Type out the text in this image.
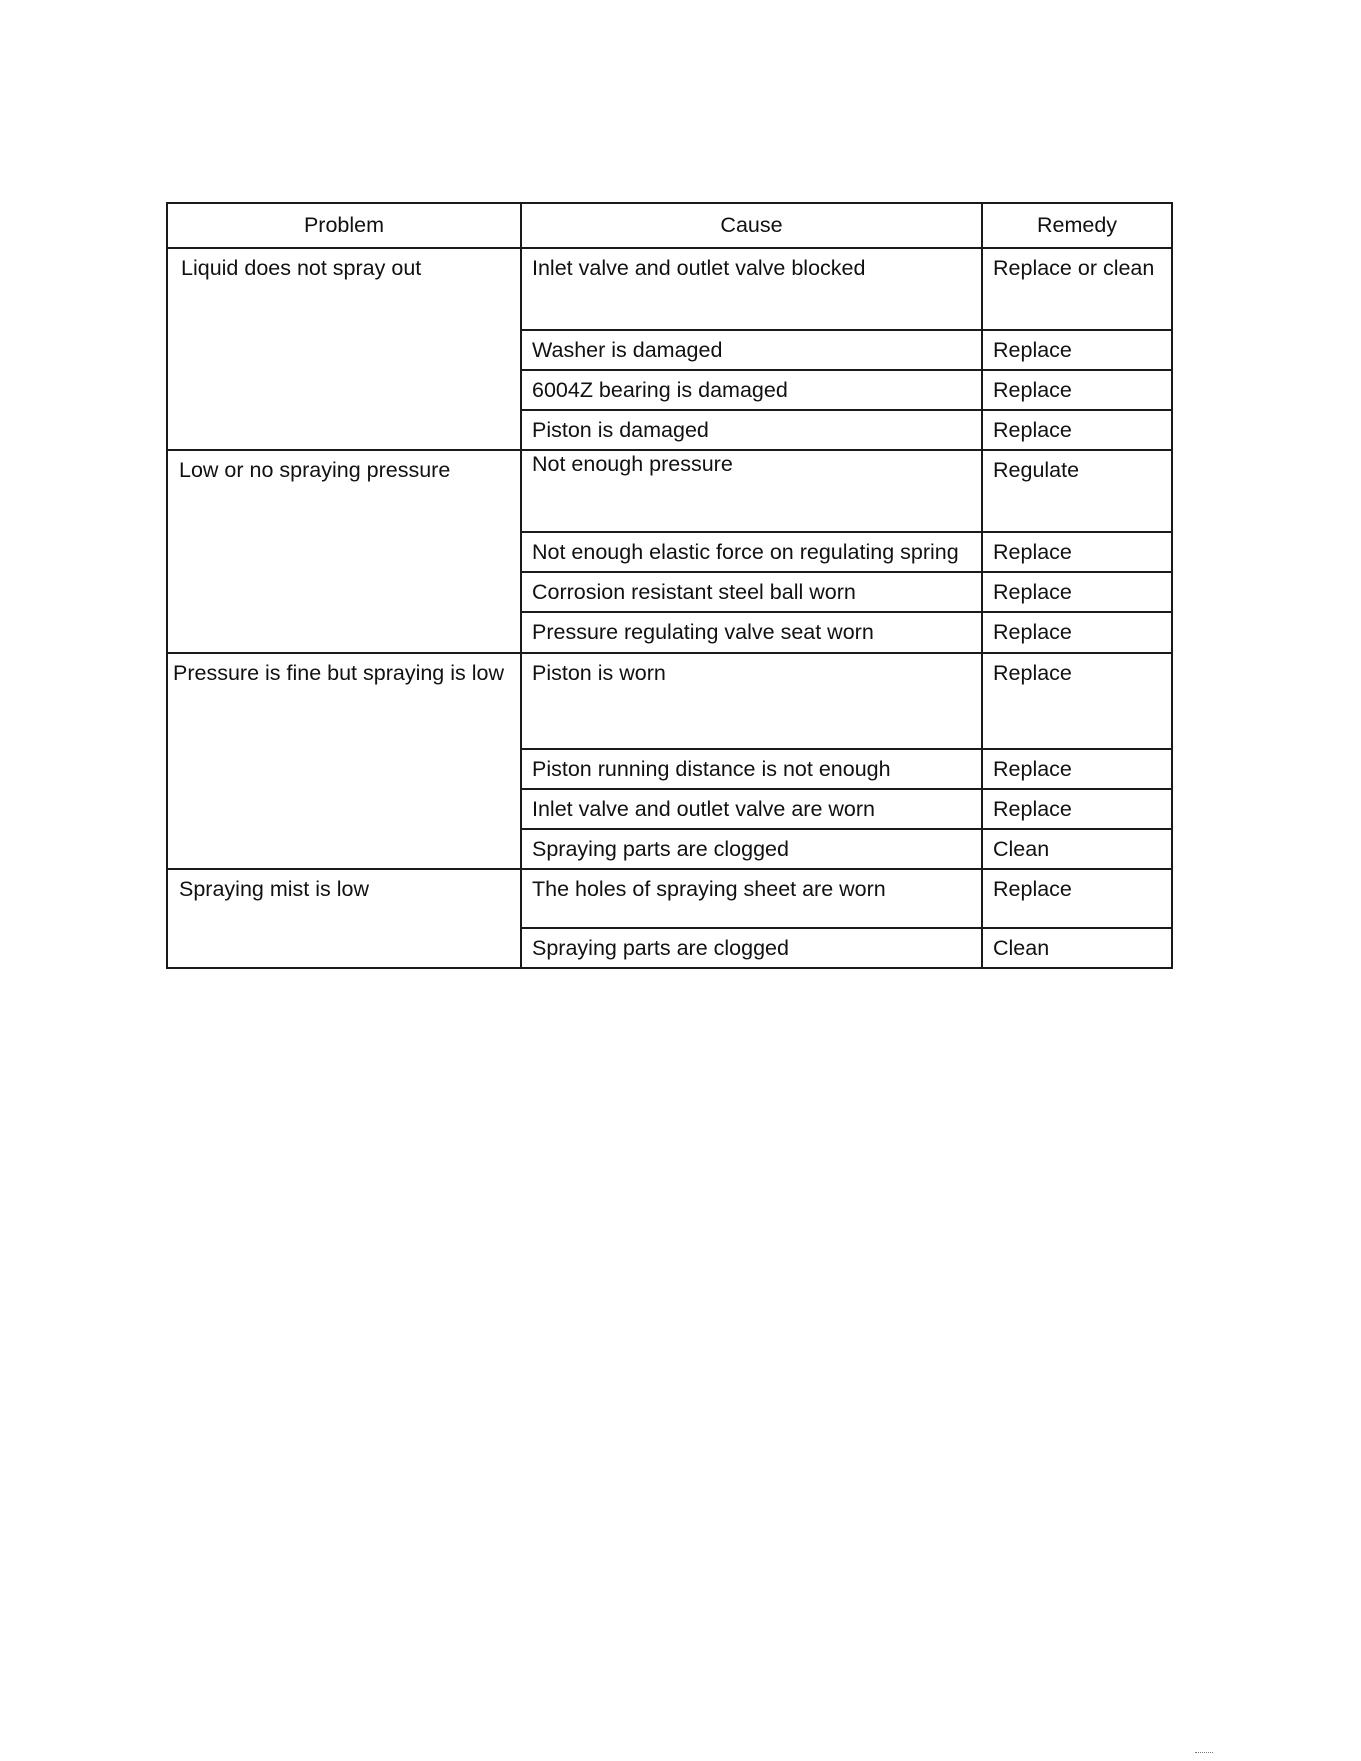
Problem	Cause	Remedy
Liquid does not spray out	Inlet valve and outlet valve blocked	Replace or clean
	Washer is damaged	Replace
	6004Z bearing is damaged	Replace
	Piston is damaged	Replace
Low or no spraying pressure	Not enough pressure	Regulate
	Not enough elastic force on regulating spring	Replace
	Corrosion resistant steel ball worn	Replace
	Pressure regulating valve seat worn	Replace
Pressure is fine but spraying is low	Piston is worn	Replace
	Piston running distance is not enough	Replace
	Inlet valve and outlet valve are worn	Replace
	Spraying parts are clogged	Clean
Spraying mist is low	The holes of spraying sheet are worn	Replace
	Spraying parts are clogged	Clean
